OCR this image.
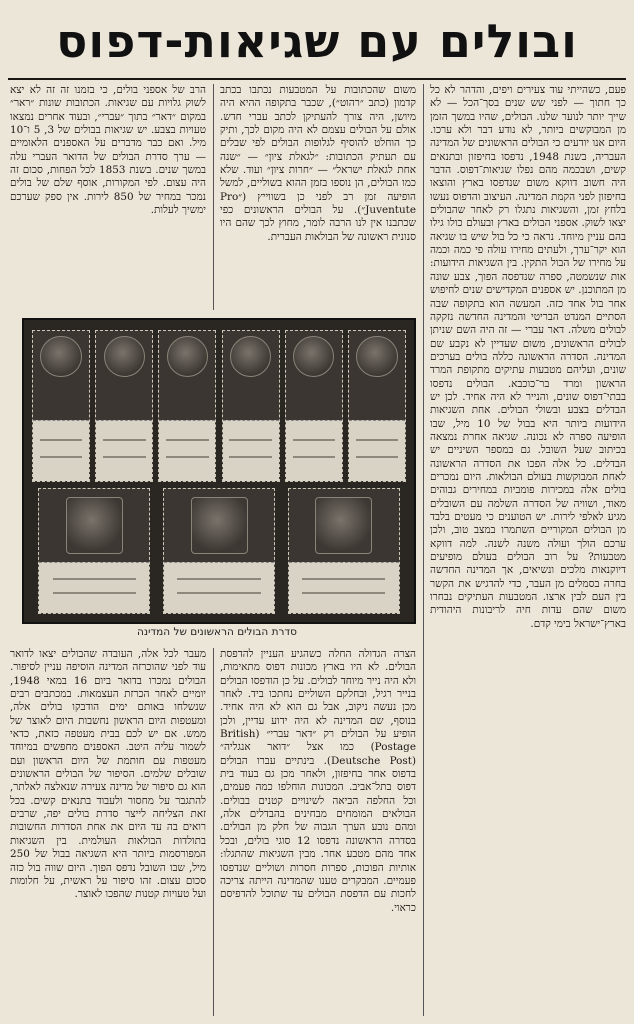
ובולים עם שגיאות-דפוס

פעם, כשהייתי עוד צעירים ויפים, והדהר לא כל כך חתוך — לפני שש שנים בסך־הכל — לא שייך יותר לנוער שלנו. הבולים, שהיו במשך הזמן מן המבוקשים ביותר, לא נודע דבר ולא ערכו. היום אנו יודעים כי הבולים הראשונים של המדינה העבריה, בשנת 1948, נדפסו בחיפזון ובתנאים קשים, ושבכמה מהם נפלו שגיאות־דפוס. הדבר היה חשוב דווקא משום שנדפסו בארץ והוצאו בחיפזון לפני הקמת המדינה. העיצוב והדפוס נעשו בלחץ זמן, והשגיאות נתגלו רק לאחר שהבולים יצאו לשוק. אספני הבולים בארץ ובעולם כולו גילו בהם עניין מיוחד. נראה כי כל בול שיש בו שגיאה הוא יקר־ערך, ולעתים מחירו עולה פי כמה וכמה על מחירו של הבול התקין. בין השגיאות הידועות: אות שנשמטה, ספרה שנדפסה הפוך, צבע שונה מן המתוכנן. יש אספנים המקדישים שנים לחיפוש אחר בול אחד כזה. המעשה הוא בתקופה שבה הסתיים המנדט הבריטי והמדינה החדשה נזקקה לבולים משלה. דאר עברי — זה היה השם שניתן לבולים הראשונים, משום שעדיין לא נקבע שם המדינה. הסדרה הראשונה כללה בולים בערכים שונים, ועליהם מטבעות עתיקים מתקופת המרד הראשון ומרד בר־כוכבא. הבולים נדפסו בבתי־דפוס שונים, והנייר לא היה אחיד. לכן יש הבדלים בצבע ובשולי הבולים. אחת השגיאות הידועות ביותר היא בבול של 10 מיל, שבו הופיעה ספרה לא נכונה. שגיאה אחרת נמצאה בכיתוב שעל השובל. גם במספר השיניים יש הבדלים. כל אלה הפכו את הסדרה הראשונה לאחת המבוקשות בעולם הבולאות. היום נמכרים בולים אלה במכירות פומביות במחירים גבוהים מאוד, ושוויה של הסדרה השלמה עם השובלים מגיע לאלפי לירות. יש הטוענים כי מעטים בלבד מן הבולים המקוריים השתמרו במצב טוב, ולכן ערכם הולך ועולה משנה לשנה. למה דווקא מטבעות? על רוב הבולים בעולם מופיעים דיוקנאות מלכים ונשיאים, אך המדינה החדשה בחרה בסמלים מן העבר, כדי להדגיש את הקשר בין העם לבין ארצו. המטבעות העתיקים נבחרו משום שהם עדות חיה לריבונות היהודית בארץ־ישראל בימי קדם.

משום שהכתובות על המטבעות נכתבו בכתב קדמון (כתב ״רהוט״), שכבר בתקופה ההיא היה מיושן, היה צורך להעתיקן לכתב עברי חדש. אולם על הבולים עצמם לא היה מקום לכך, ותיק כך הוחלט להוסיף לגלופות הבולים לפי שבלים עם תעתיק הכתובות: ״לגאלת ציון״ — ״שנה אחת לגאלת ישראל״ — ״חרות ציון״ ועוד. שלא כמו הבולים, הן נוספו בזמן ההוא בשוליים, למשל הופיעה זמן רב לפני כן בשווייץ (״Pro Juventute״). על הבולים הראשונים כפי שכתבנו אין לנו הרבה לומר, מחוץ לכך שהם היו סנונית ראשונה של הבולאות העברית.

הרב של אספני בולים, כי בזמנו זה זה לא יצא לשוק גלויות עם שגיאות. הכתובות שונות ״ראר״ במקום ״דאר״ בתוך ״עברי״, ובעוד אחרים נמצאו טעויות בצבע. יש שגיאות בבולים של 3, 5 ו־10 מיל. ואם כבר מדברים על האספנים הלאומיים — ערך סדרת הבולים של הדואר העברי עלה במשך שנים. בשנת 1853 לכל הפחות, סכום זה היה עצום. לפי המקורות, אוסף שלם של בולים נמכר במחיר של 850 לירות. אין ספק שערכם ימשיך לעלות.

סדרת הבולים הראשונים של המדינה

הצרה הגדולה החלה כשהגיע העניין להדפסת הבולים. לא היו בארץ מכונות דפוס מתאימות, ולא היה נייר מיוחד לבולים. על כן הודפסו הבולים בנייר רגיל, ובחלקם השוליים נחתכו ביד. לאחר מכן נעשה ניקוב, אבל גם הוא לא היה אחיד. בנוסף, שם המדינה לא היה ידוע עדיין, ולכן הופיע על הבולים רק ״דאר עברי״ (British Postage) כמו אצל ״דואר אנגליה״ (Deutsche Post). בינתיים עברו הבולים בדפוס אחר בחיפזון, ולאחר מכן גם בעוד בית דפוס בתל־אביב. המכונות הוחלפו כמה פעמים, וכל החלפה הביאה לשינויים קטנים בבולים. הבולאים המומחים מבחינים בהבדלים אלה, ומהם נובע הערך הגבוה של חלק מן הבולים. בסדרה הראשונה נדפסו 12 סוגי בולים, ובכל אחד מהם מטבע אחר. מבין השגיאות שהתגלו: אותיות הפוכות, ספרות חסרות ושוליים שנדפסו פעמיים. המבקרים טענו שהמדינה הייתה צריכה לחכות עם הדפסת הבולים עד שתוכל להדפיסם כראוי.

מעבר לכל אלה, העובדה שהבולים יצאו לדואר עוד לפני שהוכרזה המדינה הוסיפה עניין לסיפור. הבולים נמכרו בדואר ביום 16 במאי 1948, יומיים לאחר הכרזת העצמאות. במכתבים רבים שנשלחו באותם ימים הודבקו בולים אלה, ומעטפות היום הראשון נחשבות היום לאוצר של ממש. אם יש לכם בבית מעטפה כזאת, כדאי לשמור עליה היטב. האספנים מחפשים במיוחד מעטפות עם חותמת של היום הראשון ועם שובלים שלמים. הסיפור של הבולים הראשונים הוא גם סיפור של מדינה צעירה שנאלצה לאלתר, להתגבר על מחסור ולעבוד בתנאים קשים. בכל זאת הצליחה לייצר סדרת בולים יפה, שרבים רואים בה עד היום את אחת הסדרות החשובות בתולדות הבולאות העולמית. בין השגיאות המפורסמות ביותר היא השגיאה בבול של 250 מיל, שבו השובל נדפס הפוך. היום שווה בול כזה סכום עצום. זהו סיפור על ראשית, על חלומות ועל טעויות קטנות שהפכו לאוצר.
